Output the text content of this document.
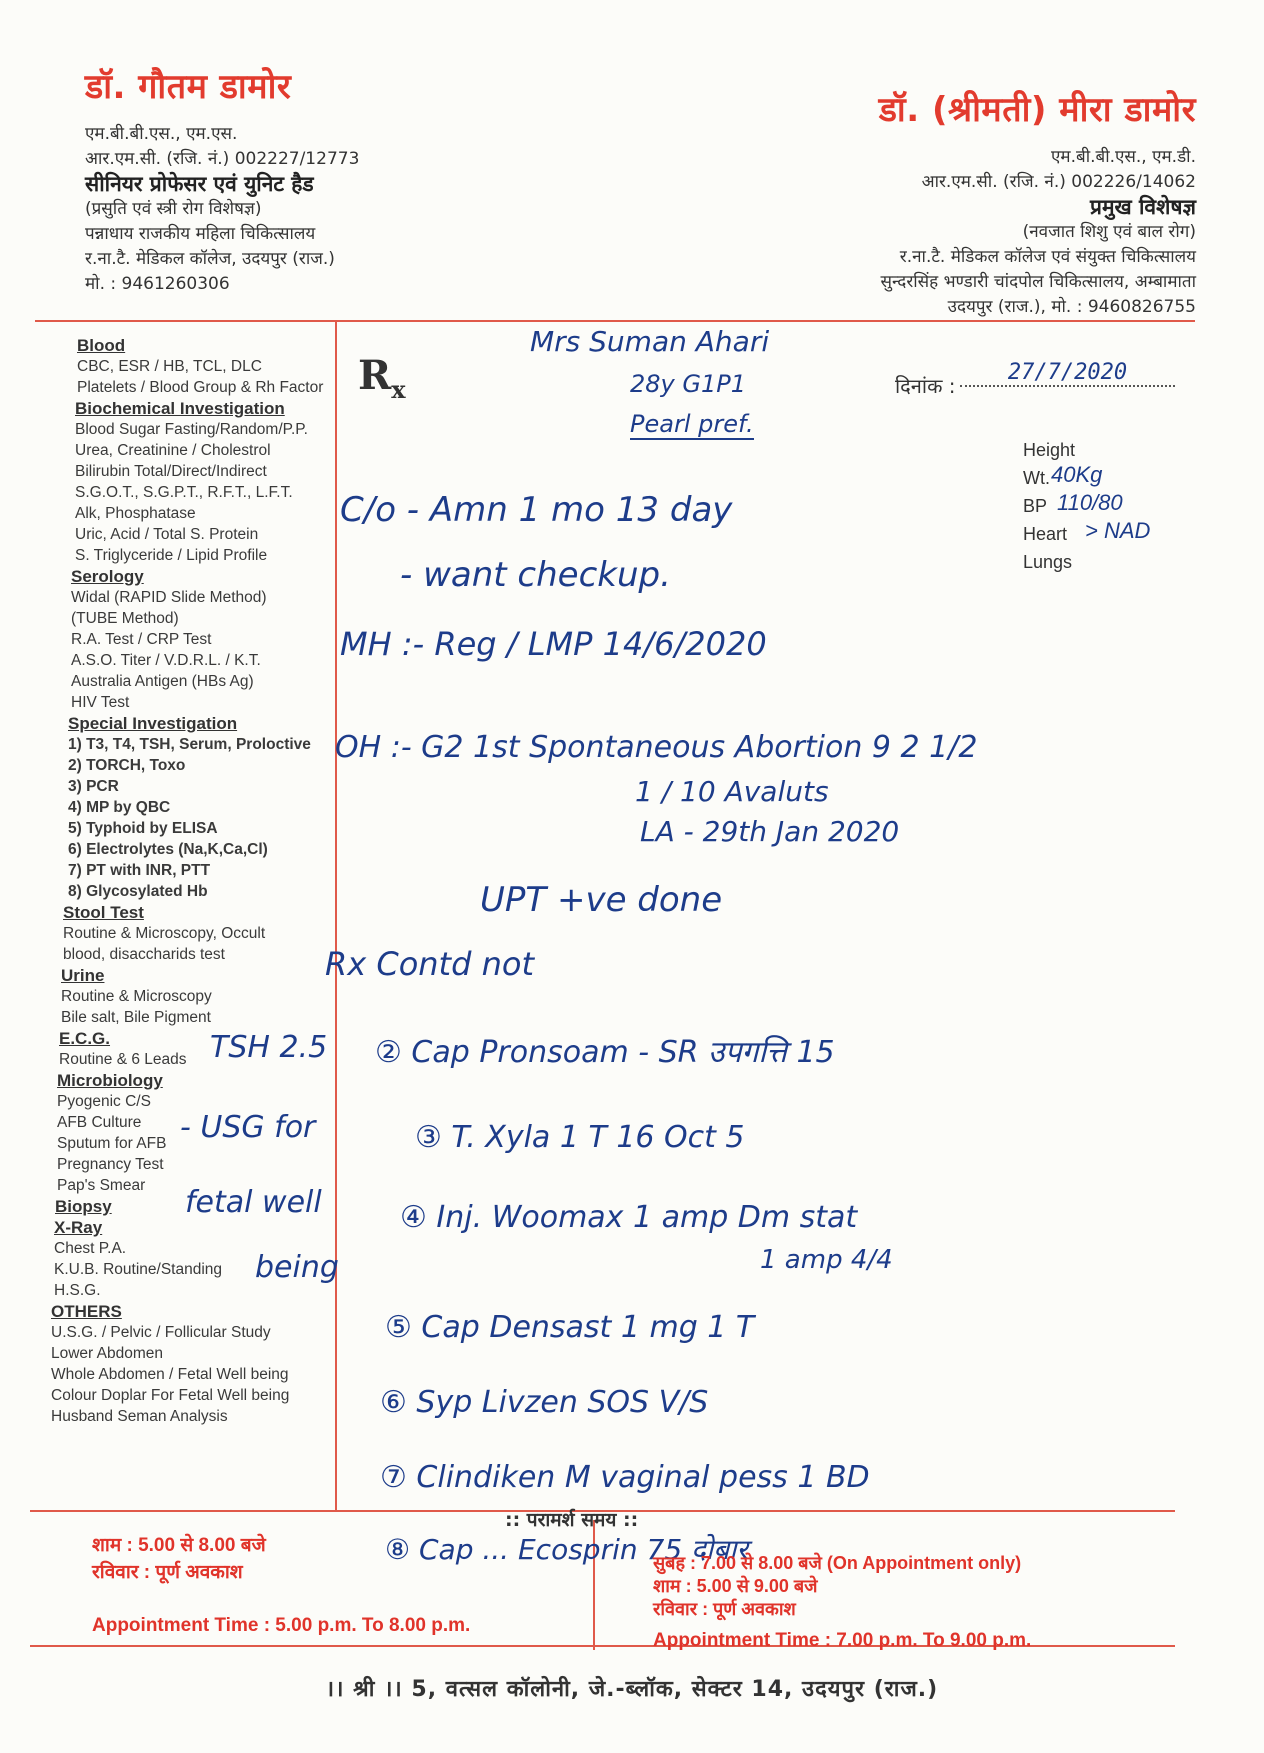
डॉ. गौतम डामोर
एम.बी.बी.एस., एम.एस.
आर.एम.सी. (रजि. नं.) 002227/12773
सीनियर प्रोफेसर एवं युनिट हैड
(प्रसुति एवं स्त्री रोग विशेषज्ञ)
पन्नाधाय राजकीय महिला चिकित्सालय
र.ना.टै. मेडिकल कॉलेज, उदयपुर (राज.)
मो. : 9461260306
डॉ. (श्रीमती) मीरा डामोर
एम.बी.बी.एस., एम.डी.
आर.एम.सी. (रजि. नं.) 002226/14062
प्रमुख विशेषज्ञ
(नवजात शिशु एवं बाल रोग)
र.ना.टै. मेडिकल कॉलेज एवं संयुक्त चिकित्सालय
सुन्दरसिंह भण्डारी चांदपोल चिकित्सालय, अम्बामाता
उदयपुर (राज.), मो. : 9460826755
Blood
CBC, ESR / HB, TCL, DLC
Platelets / Blood Group & Rh Factor
Biochemical Investigation
Blood Sugar Fasting/Random/P.P.
Urea, Creatinine / Cholestrol
Bilirubin Total/Direct/Indirect
S.G.O.T., S.G.P.T., R.F.T., L.F.T.
Alk, Phosphatase
Uric, Acid / Total S. Protein
S. Triglyceride / Lipid Profile
Serology
Widal (RAPID Slide Method)
(TUBE Method)
R.A. Test / CRP Test
A.S.O. Titer / V.D.R.L. / K.T.
Australia Antigen (HBs Ag)
HIV Test
Special Investigation
1) T3, T4, TSH, Serum, Proloctive
2) TORCH, Toxo
3) PCR
4) MP by QBC
5) Typhoid by ELISA
6) Electrolytes (Na,K,Ca,Cl)
7) PT with INR, PTT
8) Glycosylated Hb
Stool Test
Routine & Microscopy, Occult
blood, disaccharids test
Urine
Routine & Microscopy
Bile salt, Bile Pigment
E.C.G.
Routine & 6 Leads
Microbiology
Pyogenic C/S
AFB Culture
Sputum for AFB
Pregnancy Test
Pap's Smear
Biopsy
X-Ray
Chest P.A.
K.U.B. Routine/Standing
H.S.G.
OTHERS
U.S.G. / Pelvic / Follicular Study
Lower Abdomen
Whole Abdomen / Fetal Well being
Colour Doplar For Fetal Well being
Husband Seman Analysis
$R_x$	दिनांक :
27/7/2020
Height
Wt. 40Kg
BP 110/80
Heart > NAD
Lungs
Mrs Suman Ahari
28y G1P1
Pearl pref.
C/o - Amn 1 mo 13 day
- want checkup.
MH :- Reg / LMP 14/6/2020
OH :- G2 1st Spontaneous Abortion 9 2 1/2
1 / 10 Avaluts
LA - 29th Jan 2020
UPT +ve done
Rx Contd not
TSH 2.5
- USG for
fetal well
being
② Cap Pronsoam - SR उपगत्ति 15
③ T. Xyla 1 T 16 Oct 5
④ Inj. Woomax 1 amp Dm stat
1 amp 4/4
⑤ Cap Densast 1 mg 1 T
⑥ Syp Livzen SOS V/S
⑦ Clindiken M vaginal pess 1 BD
⑧ Cap ... Ecosprin 75 दोबार
:: परामर्श समय ::
शाम : 5.00 से 8.00 बजे
रविवार : पूर्ण अवकाश
Appointment Time : 5.00 p.m. To 8.00 p.m.
सुबह : 7.00 से 8.00 बजे (On Appointment only)
शाम : 5.00 से 9.00 बजे
रविवार : पूर्ण अवकाश
Appointment Time : 7.00 p.m. To 9.00 p.m.
।। श्री ।। 5, वत्सल कॉलोनी, जे.-ब्लॉक, सेक्टर 14, उदयपुर (राज.)
